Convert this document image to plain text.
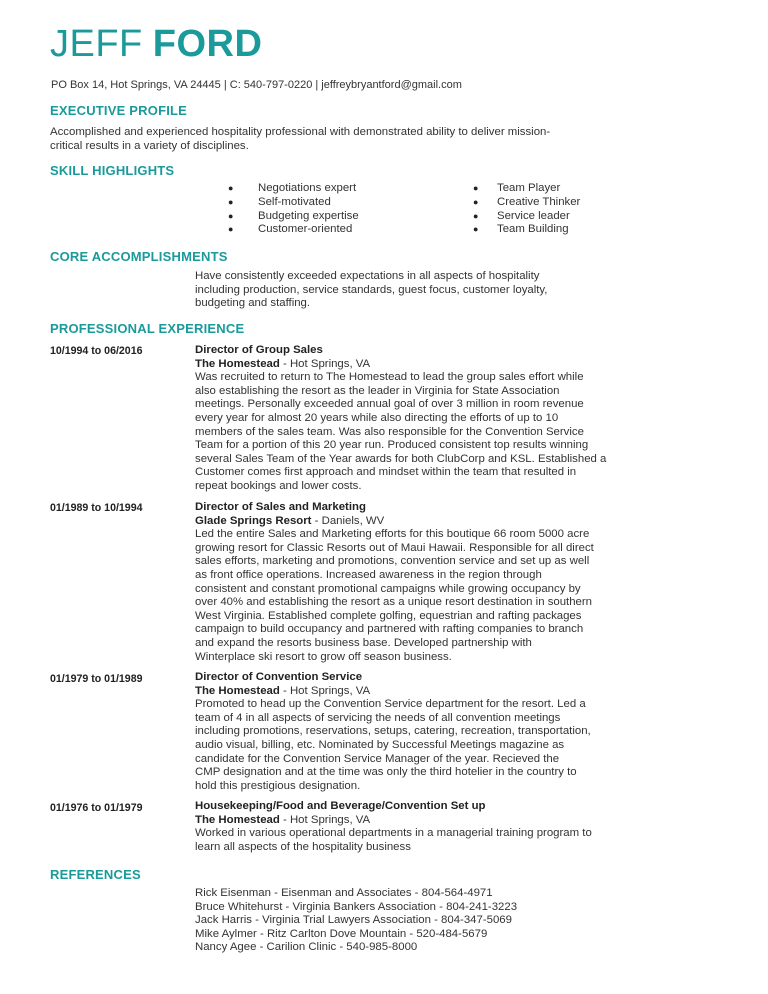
JEFF FORD
PO Box 14, Hot Springs, VA 24445 | C: 540-797-0220 | jeffreybryantford@gmail.com
EXECUTIVE PROFILE
Accomplished and experienced hospitality professional with demonstrated ability to deliver mission-
critical results in a variety of disciplines.
SKILL HIGHLIGHTS
●	Negotiations expert
●	Self-motivated
●	Budgeting expertise
●	Customer-oriented
●	Team Player
●	Creative Thinker
●	Service leader
●	Team Building
CORE ACCOMPLISHMENTS
Have consistently exceeded expectations in all aspects of hospitality
including production, service standards, guest focus, customer loyalty,
budgeting and staffing.
PROFESSIONAL EXPERIENCE
10/1994 to 06/2016	Director of Group Sales
The Homestead - Hot Springs, VA
Was recruited to return to The Homestead to lead the group sales effort while
also establishing the resort as the leader in Virginia for State Association
meetings. Personally exceeded annual goal of over 3 million in room revenue
every year for almost 20 years while also directing the efforts of up to 10
members of the sales team. Was also responsible for the Convention Service
Team for a portion of this 20 year run. Produced consistent top results winning
several Sales Team of the Year awards for both ClubCorp and KSL. Established a
Customer comes first approach and mindset within the team that resulted in
repeat bookings and lower costs.
01/1989 to 10/1994	Director of Sales and Marketing
Glade Springs Resort - Daniels, WV
Led the entire Sales and Marketing efforts for this boutique 66 room 5000 acre
growing resort for Classic Resorts out of Maui Hawaii. Responsible for all direct
sales efforts, marketing and promotions, convention service and set up as well
as front office operations. Increased awareness in the region through
consistent and constant promotional campaigns while growing occupancy by
over 40% and establishing the resort as a unique resort destination in southern
West Virginia. Established complete golfing, equestrian and rafting packages
campaign to build occupancy and partnered with rafting companies to branch
and expand the resorts business base. Developed partnership with
Winterplace ski resort to grow off season business.
01/1979 to 01/1989	Director of Convention Service
The Homestead - Hot Springs, VA
Promoted to head up the Convention Service department for the resort. Led a
team of 4 in all aspects of servicing the needs of all convention meetings
including promotions, reservations, setups, catering, recreation, transportation,
audio visual, billing, etc. Nominated by Successful Meetings magazine as
candidate for the Convention Service Manager of the year. Recieved the
CMP designation and at the time was only the third hotelier in the country to
hold this prestigious designation.
01/1976 to 01/1979	Housekeeping/Food and Beverage/Convention Set up
The Homestead - Hot Springs, VA
Worked in various operational departments in a managerial training program to
learn all aspects of the hospitality business
REFERENCES
Rick Eisenman - Eisenman and Associates - 804-564-4971
Bruce Whitehurst - Virginia Bankers Association - 804-241-3223
Jack Harris - Virginia Trial Lawyers Association - 804-347-5069
Mike Aylmer - Ritz Carlton Dove Mountain - 520-484-5679
Nancy Agee - Carilion Clinic - 540-985-8000
